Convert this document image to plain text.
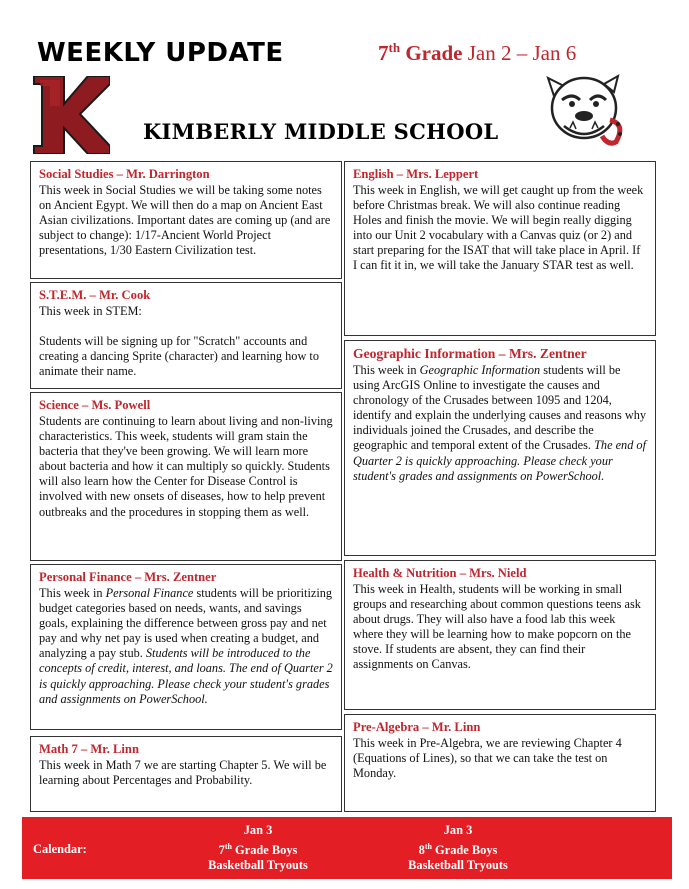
WEEKLY UPDATE	7th Grade Jan 2 – Jan 6
KIMBERLY MIDDLE SCHOOL
Social Studies – Mr. Darrington

This week in Social Studies we will be taking some notes on Ancient Egypt. We will then do a map on Ancient East Asian civilizations. Important dates are coming up (and are subject to change): 1/17-Ancient World Project presentations, 1/30 Eastern Civilization test.

S.T.E.M. – Mr. Cook

This week in STEM:

Students will be signing up for "Scratch" accounts and creating a dancing Sprite (character) and learning how to animate their name.

Science – Ms. Powell

Students are continuing to learn about living and non-living characteristics. This week, students will gram stain the bacteria that they've been growing. We will learn more about bacteria and how it can multiply so quickly. Students will also learn how the Center for Disease Control is involved with new onsets of diseases, how to help prevent outbreaks and the procedures in stopping them as well.

Personal Finance – Mrs. Zentner

This week in Personal Finance students will be prioritizing budget categories based on needs, wants, and savings goals, explaining the difference between gross pay and net pay and why net pay is used when creating a budget, and analyzing a pay stub. Students will be introduced to the concepts of credit, interest, and loans. The end of Quarter 2 is quickly approaching. Please check your student's grades and assignments on PowerSchool.

Math 7 – Mr. Linn

This week in Math 7 we are starting Chapter 5. We will be learning about Percentages and Probability.

English – Mrs. Leppert

This week in English, we will get caught up from the week before Christmas break. We will also continue reading Holes and finish the movie. We will begin really digging into our Unit 2 vocabulary with a Canvas quiz (or 2) and start preparing for the ISAT that will take place in April. If I can fit it in, we will take the January STAR test as well.

Geographic Information – Mrs. Zentner

This week in Geographic Information students will be using ArcGIS Online to investigate the causes and chronology of the Crusades between 1095 and 1204, identify and explain the underlying causes and reasons why individuals joined the Crusades, and describe the geographic and temporal extent of the Crusades. The end of Quarter 2 is quickly approaching. Please check your student's grades and assignments on PowerSchool.

Health & Nutrition – Mrs. Nield

This week in Health, students will be working in small groups and researching about common questions teens ask about drugs. They will also have a food lab this week where they will be learning how to make popcorn on the stove. If students are absent, they can find their assignments on Canvas.

Pre-Algebra – Mr. Linn

This week in Pre-Algebra, we are reviewing Chapter 4 (Equations of Lines), so that we can take the test on Monday.

Calendar:
Jan 3
7th Grade Boys
Basketball Tryouts
Jan 3
8th Grade Boys
Basketball Tryouts
